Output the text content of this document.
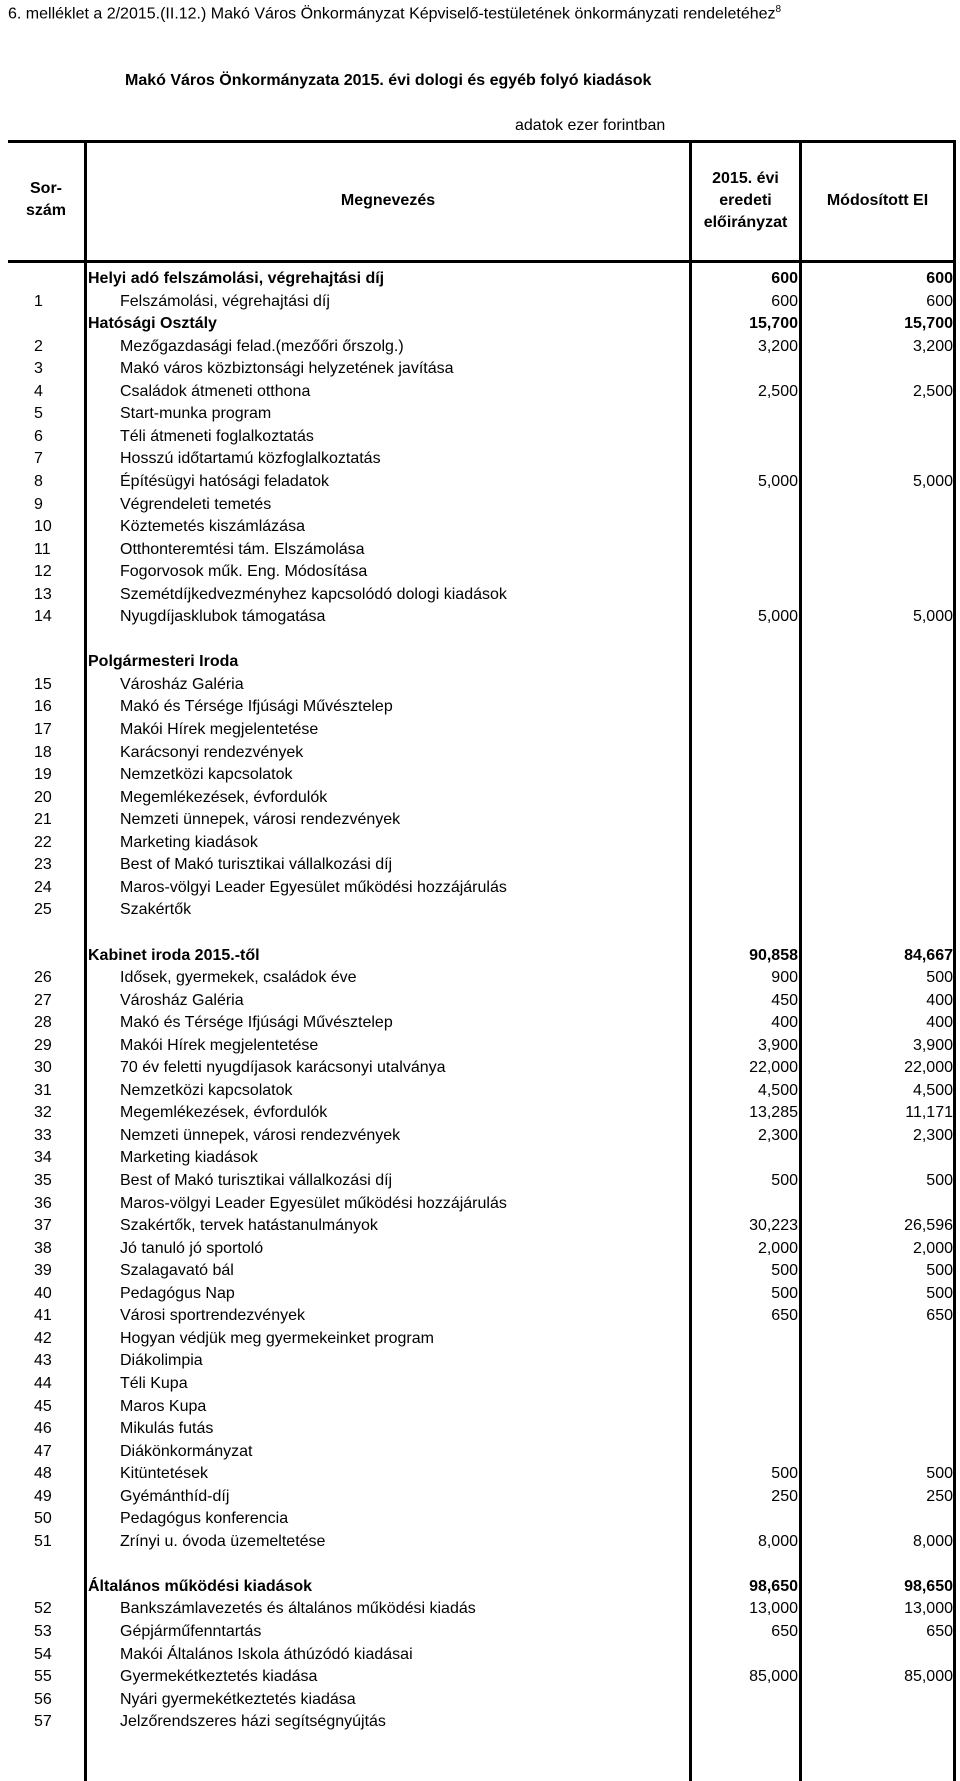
6. melléklet a 2/2015.(II.12.) Makó Város Önkormányzat Képviselő-testületének önkormányzati rendeletéhez$^8$
Makó Város Önkormányzata 2015. évi dologi és egyéb folyó kiadások
adatok ezer forintban
Sor-
szám
Megnevezés
2015. évi
eredeti
előirányzat
Módosított EI
Helyi adó felszámolási, végrehajtási díj	600	600
1	Felszámolási, végrehajtási díj	600	600
Hatósági Osztály	15,700	15,700
2	Mezőgazdasági felad.(mezőőri őrszolg.)	3,200	3,200
3	Makó város közbiztonsági helyzetének javítása
4	Családok átmeneti otthona	2,500	2,500
5	Start-munka program
6	Téli átmeneti foglalkoztatás
7	Hosszú időtartamú közfoglalkoztatás
8	Építésügyi hatósági feladatok	5,000	5,000
9	Végrendeleti temetés
10	Köztemetés kiszámlázása
11	Otthonteremtési tám. Elszámolása
12	Fogorvosok műk. Eng. Módosítása
13	Szemétdíjkedvezményhez kapcsolódó dologi kiadások
14	Nyugdíjasklubok támogatása	5,000	5,000
Polgármesteri Iroda
15	Városház Galéria
16	Makó és Térsége Ifjúsági Művésztelep
17	Makói Hírek megjelentetése
18	Karácsonyi rendezvények
19	Nemzetközi kapcsolatok
20	Megemlékezések, évfordulók
21	Nemzeti ünnepek, városi rendezvények
22	Marketing kiadások
23	Best of Makó turisztikai vállalkozási díj
24	Maros-völgyi Leader Egyesület működési hozzájárulás
25	Szakértők
Kabinet iroda 2015.-től	90,858	84,667
26	Idősek, gyermekek, családok éve	900	500
27	Városház Galéria	450	400
28	Makó és Térsége Ifjúsági Művésztelep	400	400
29	Makói Hírek megjelentetése	3,900	3,900
30	70 év feletti nyugdíjasok karácsonyi utalványa	22,000	22,000
31	Nemzetközi kapcsolatok	4,500	4,500
32	Megemlékezések, évfordulók	13,285	11,171
33	Nemzeti ünnepek, városi rendezvények	2,300	2,300
34	Marketing kiadások
35	Best of Makó turisztikai vállalkozási díj	500	500
36	Maros-völgyi Leader Egyesület működési hozzájárulás
37	Szakértők, tervek hatástanulmányok	30,223	26,596
38	Jó tanuló jó sportoló	2,000	2,000
39	Szalagavató bál	500	500
40	Pedagógus Nap	500	500
41	Városi sportrendezvények	650	650
42	Hogyan védjük meg gyermekeinket program
43	Diákolimpia
44	Téli Kupa
45	Maros Kupa
46	Mikulás futás
47	Diákönkormányzat
48	Kitüntetések	500	500
49	Gyémánthíd-díj	250	250
50	Pedagógus konferencia
51	Zrínyi u. óvoda üzemeltetése	8,000	8,000
Általános működési kiadások	98,650	98,650
52	Bankszámlavezetés és általános működési kiadás	13,000	13,000
53	Gépjárműfenntartás	650	650
54	Makói Általános Iskola áthúzódó kiadásai
55	Gyermekétkeztetés kiadása	85,000	85,000
56	Nyári gyermekétkeztetés kiadása
57	Jelzőrendszeres házi segítségnyújtás
